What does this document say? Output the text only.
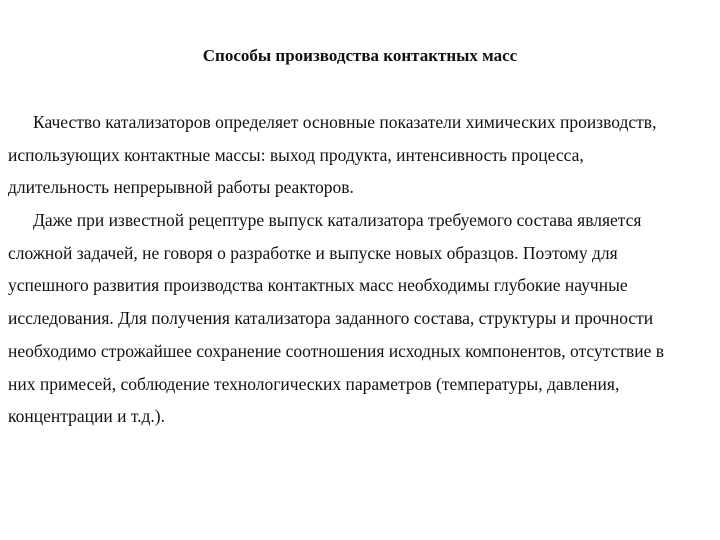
Способы производства контактных масс
Качество катализаторов определяет основные показатели химических производств,
использующих контактные массы: выход продукта, интенсивность процесса,
длительность непрерывной работы реакторов.
Даже при известной рецептуре выпуск катализатора требуемого состава является
сложной задачей, не говоря о разработке и выпуске новых образцов. Поэтому для
успешного развития производства контактных масс необходимы глубокие научные
исследования. Для получения катализатора заданного состава, структуры и прочности
необходимо строжайшее сохранение соотношения исходных компонентов, отсутствие в
них примесей, соблюдение технологических параметров (температуры, давления,
концентрации и т.д.).
